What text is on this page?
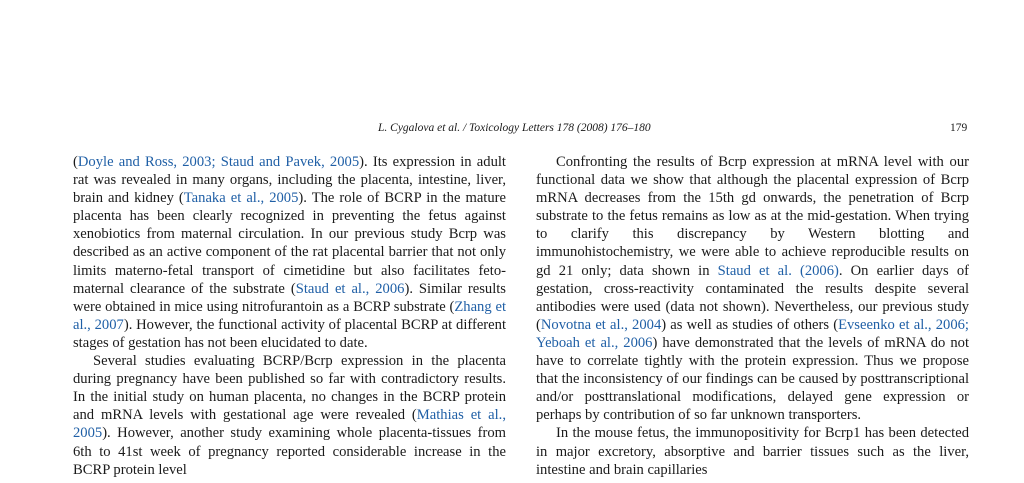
L. Cygalova et al. / Toxicology Letters 178 (2008) 176–180	179

(Doyle and Ross, 2003; Staud and Pavek, 2005). Its expression in adult rat was revealed in many organs, including the placenta, intestine, liver, brain and kidney (Tanaka et al., 2005). The role of BCRP in the mature placenta has been clearly recognized in preventing the fetus against xenobiotics from maternal circulation. In our previous study Bcrp was described as an active component of the rat placental barrier that not only limits materno-fetal transport of cimetidine but also facilitates feto-maternal clearance of the substrate (Staud et al., 2006). Similar results were obtained in mice using nitrofurantoin as a BCRP substrate (Zhang et al., 2007). However, the functional activity of placental BCRP at different stages of gestation has not been elucidated to date.

Several studies evaluating BCRP/Bcrp expression in the placenta during pregnancy have been published so far with contradictory results. In the initial study on human placenta, no changes in the BCRP protein and mRNA levels with gestational age were revealed (Mathias et al., 2005). However, another study examining whole placenta-tissues from 6th to 41st week of pregnancy reported considerable increase in the BCRP protein level

Confronting the results of Bcrp expression at mRNA level with our functional data we show that although the placental expression of Bcrp mRNA decreases from the 15th gd onwards, the penetration of Bcrp substrate to the fetus remains as low as at the mid-gestation. When trying to clarify this discrepancy by Western blotting and immunohistochemistry, we were able to achieve reproducible results on gd 21 only; data shown in Staud et al. (2006). On earlier days of gestation, cross-reactivity contaminated the results despite several antibodies were used (data not shown). Nevertheless, our previous study (Novotna et al., 2004) as well as studies of others (Evseenko et al., 2006; Yeboah et al., 2006) have demonstrated that the levels of mRNA do not have to correlate tightly with the protein expression. Thus we propose that the inconsistency of our findings can be caused by posttranscriptional and/or posttranslational modifications, delayed gene expression or perhaps by contribution of so far unknown transporters.

In the mouse fetus, the immunopositivity for Bcrp1 has been detected in major excretory, absorptive and barrier tissues such as the liver, intestine and brain capillaries
